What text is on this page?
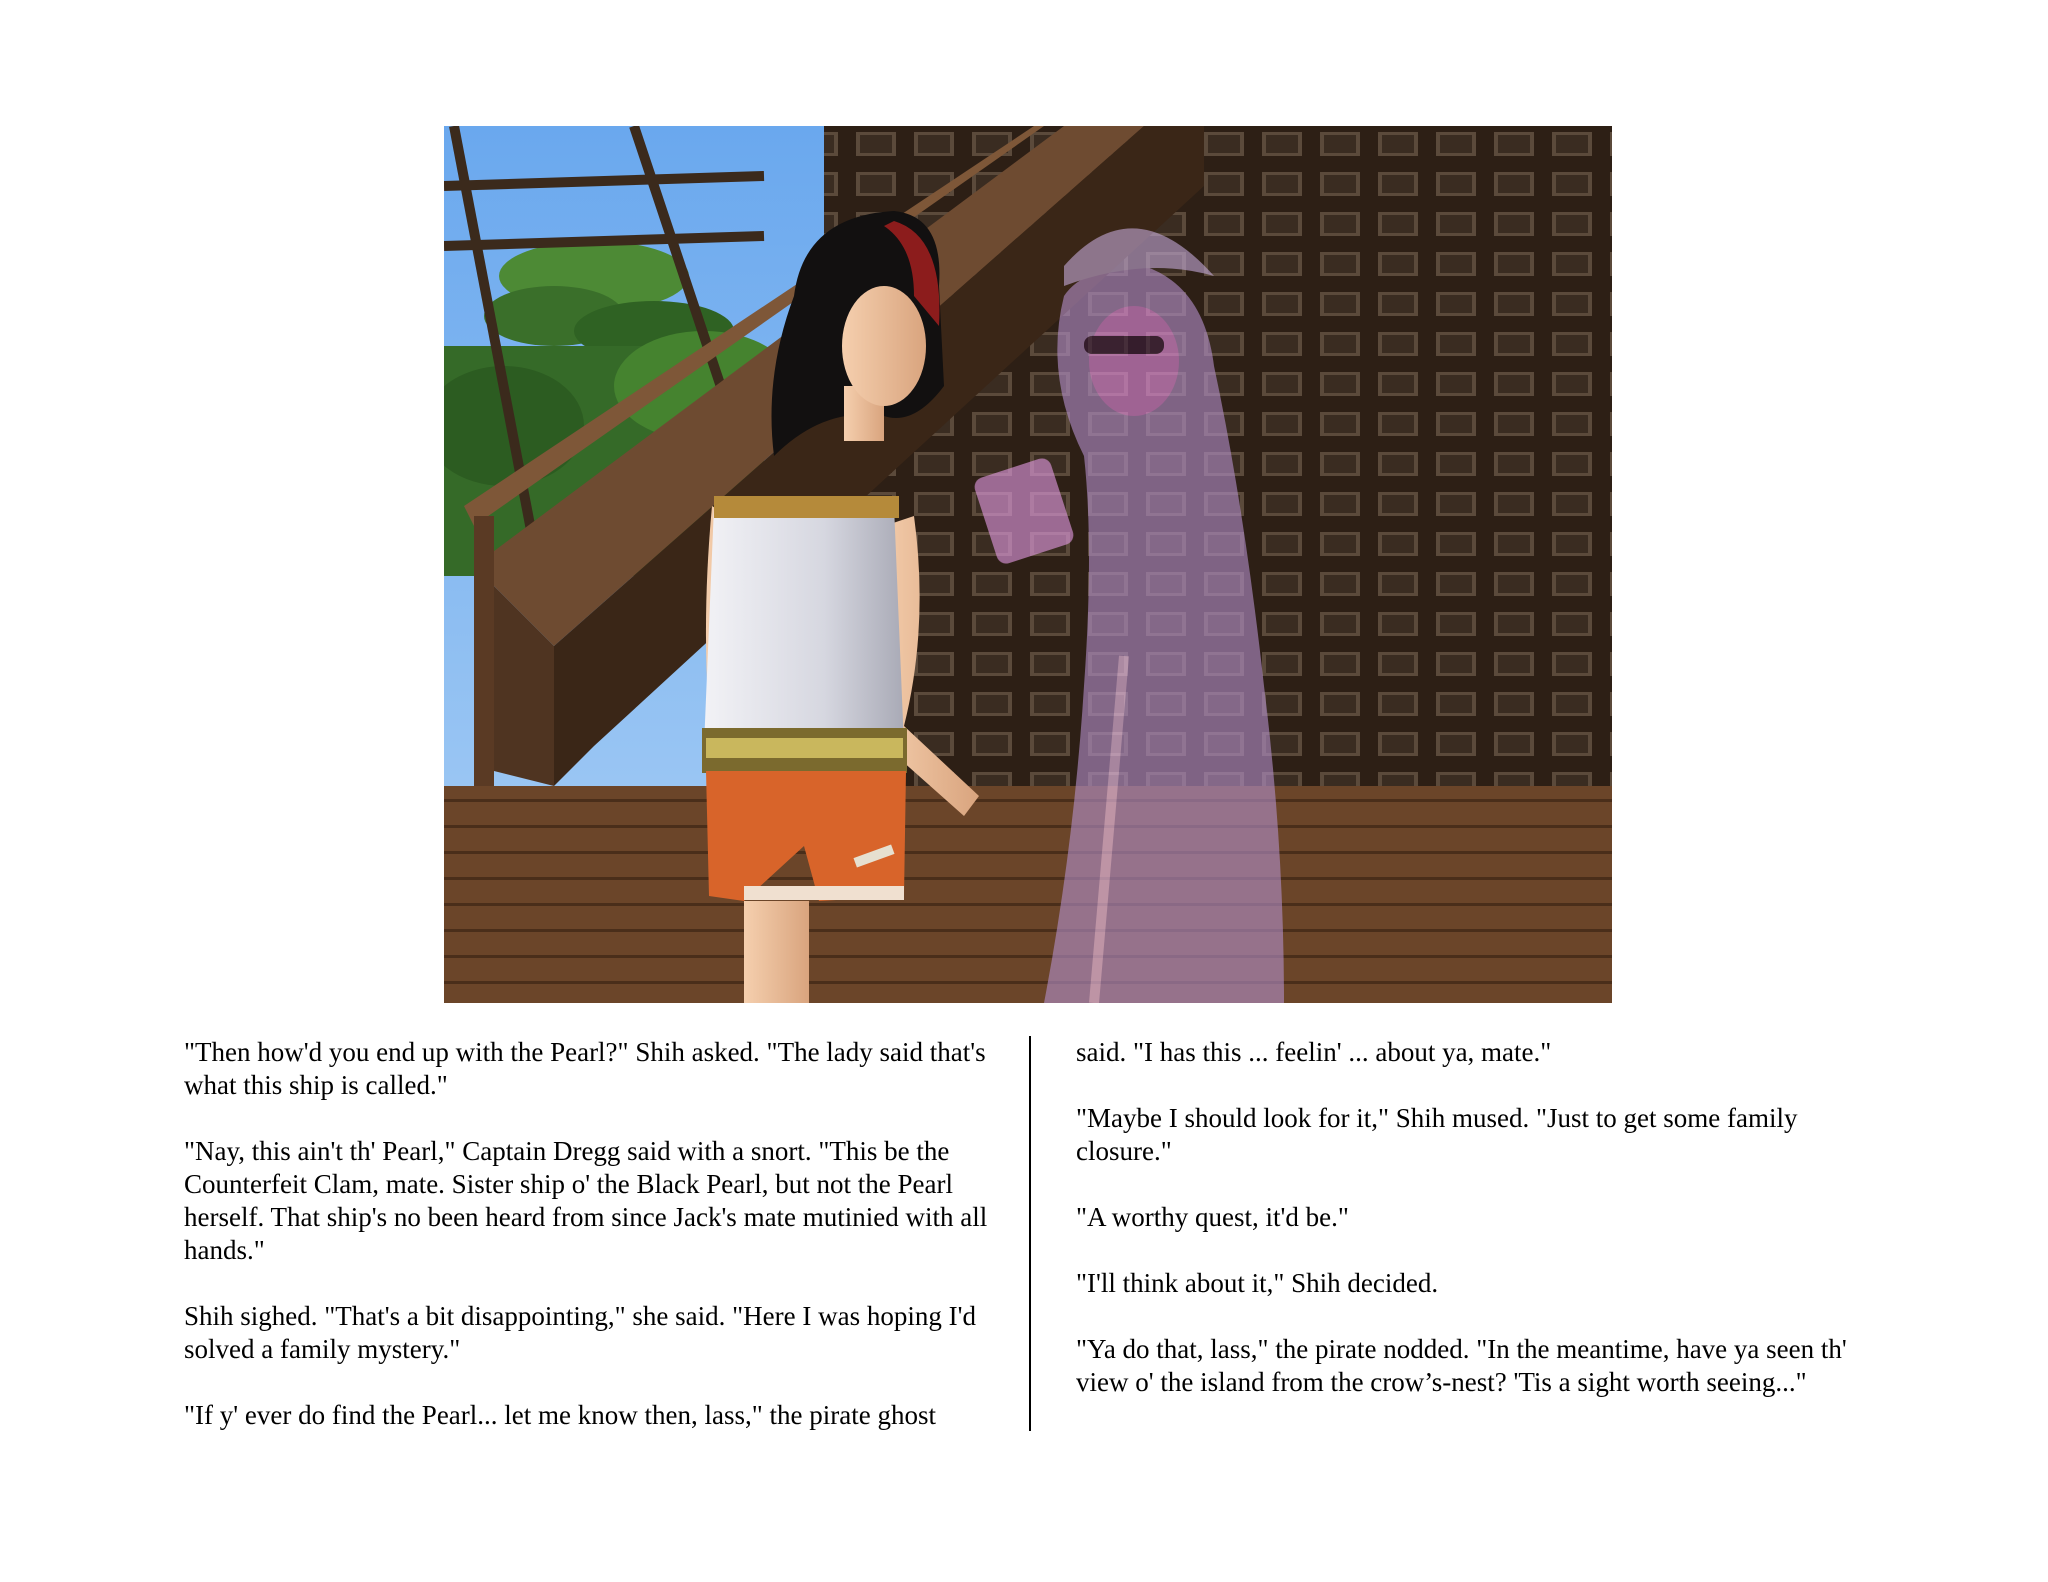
"Then how'd you end up with the Pearl?" Shih asked. "The lady said that's what this ship is called."

"Nay, this ain't th' Pearl," Captain Dregg said with a snort. "This be the Counterfeit Clam, mate. Sister ship o' the Black Pearl, but not the Pearl herself. That ship's no been heard from since Jack's mate mutinied with all hands."

Shih sighed. "That's a bit disappointing," she said. "Here I was hoping I'd solved a family mystery."

"If y' ever do find the Pearl... let me know then, lass," the pirate ghost

said. "I has this ... feelin' ... about ya, mate."

"Maybe I should look for it," Shih mused. "Just to get some family closure."

"A worthy quest, it'd be."

"I'll think about it," Shih decided.

"Ya do that, lass," the pirate nodded. "In the meantime, have ya seen th' view o' the island from the crow’s-nest? 'Tis a sight worth seeing..."
